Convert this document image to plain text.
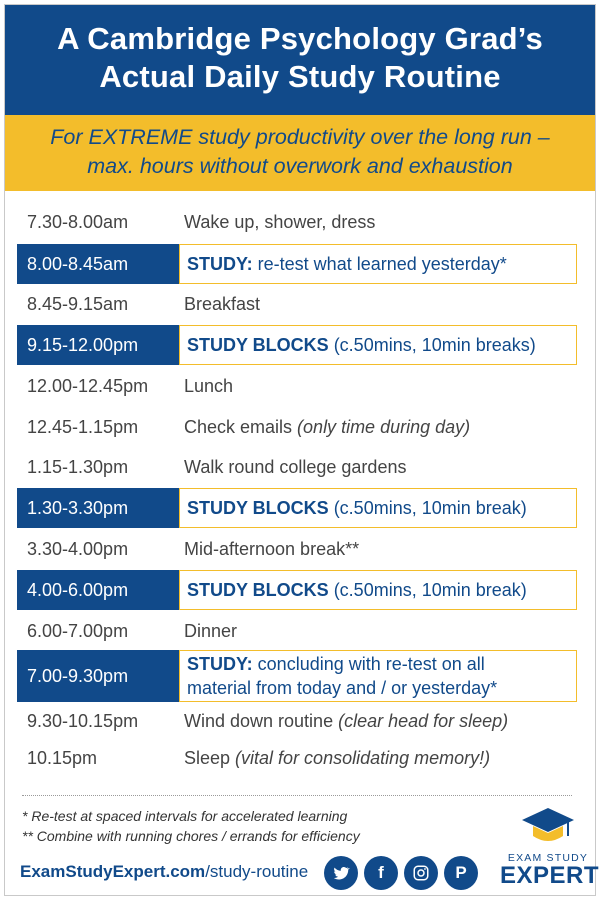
A Cambridge Psychology Grad’s
Actual Daily Study Routine
For EXTREME study productivity over the long run –
max. hours without overwork and exhaustion
7.30-8.00am	Wake up, shower, dress
8.00-8.45am	STUDY: re-test what learned yesterday*
8.45-9.15am	Breakfast
9.15-12.00pm	STUDY BLOCKS (c.50mins, 10min breaks)
12.00-12.45pm Lunch
12.45-1.15pm	Check emails (only time during day)
1.15-1.30pm	Walk round college gardens
1.30-3.30pm	STUDY BLOCKS (c.50mins, 10min break)
3.30-4.00pm	Mid-afternoon break**
4.00-6.00pm	STUDY BLOCKS (c.50mins, 10min break)
6.00-7.00pm	Dinner
7.00-9.30pm
STUDY: concluding with re-test on all
material from today and / or yesterday*
9.30-10.15pm	Wind down routine (clear head for sleep)
10.15pm	Sleep (vital for consolidating memory!)
* Re-test at spaced intervals for accelerated learning
** Combine with running chores / errands for efficiency
ExamStudyExpert.com/study-routine	f	P
EXAM STUDY
EXPERT
